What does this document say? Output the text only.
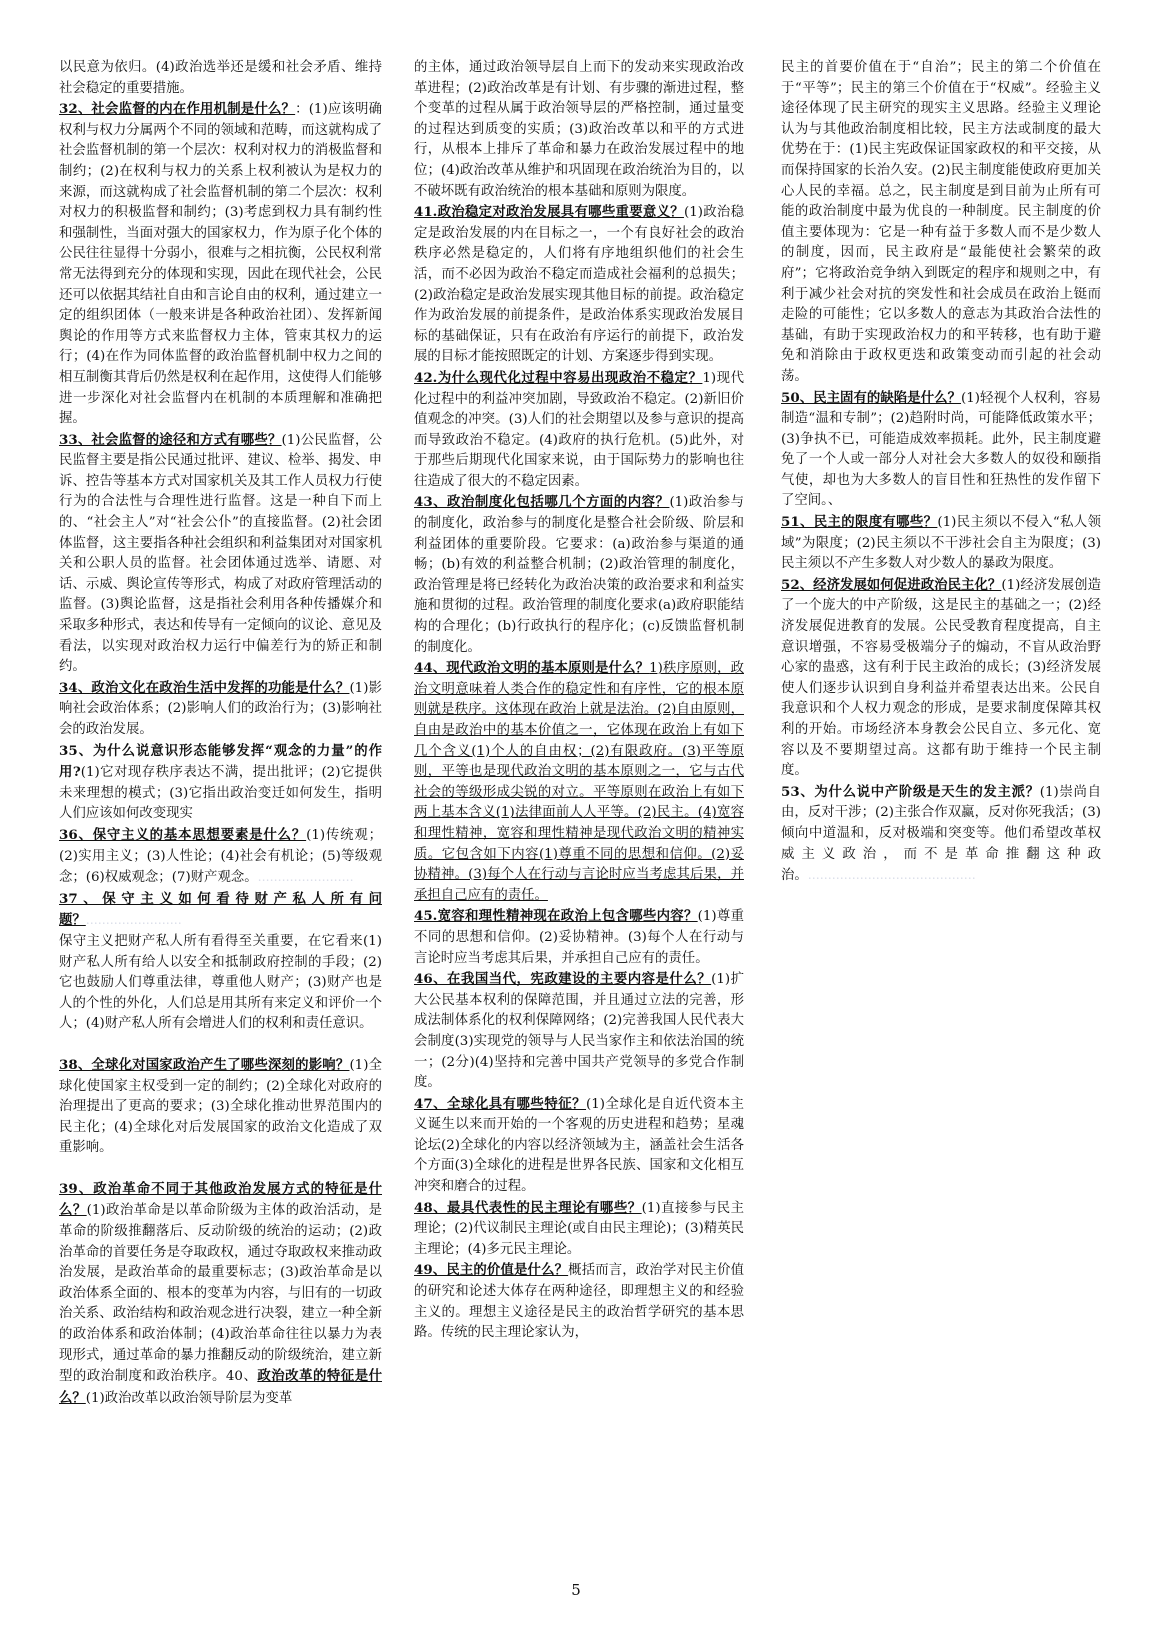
以民意为依归。(4)政治选举还是缓和社会矛盾、维持社会稳定的重要措施。

32、社会监督的内在作用机制是什么？：(1)应该明确权利与权力分属两个不同的领域和范畴，而这就构成了社会监督机制的第一个层次：权利对权力的消极监督和制约；(2)在权利与权力的关系上权利被认为是权力的来源，而这就构成了社会监督机制的第二个层次：权利对权力的积极监督和制约；(3)考虑到权力具有制约性和强制性，当面对强大的国家权力，作为原子化个体的公民往往显得十分弱小，很难与之相抗衡，公民权利常常无法得到充分的体现和实现，因此在现代社会，公民还可以依据其结社自由和言论自由的权利，通过建立一定的组织团体（一般来讲是各种政治社团）、发挥新闻舆论的作用等方式来监督权力主体，管束其权力的运行；(4)在作为同体监督的政治监督机制中权力之间的相互制衡其背后仍然是权利在起作用，这使得人们能够进一步深化对社会监督内在机制的本质理解和准确把握。

33、社会监督的途径和方式有哪些？(1)公民监督，公民监督主要是指公民通过批评、建议、检举、揭发、申诉、控告等基本方式对国家机关及其工作人员权力行使行为的合法性与合理性进行监督。这是一种自下而上的、“社会主人”对“社会公仆”的直接监督。(2)社会团体监督，这主要指各种社会组织和利益集团对对国家机关和公职人员的监督。社会团体通过选举、请愿、对话、示威、舆论宣传等形式，构成了对政府管理活动的监督。(3)舆论监督，这是指社会利用各种传播媒介和采取多种形式，表达和传导有一定倾向的议论、意见及看法，以实现对政治权力运行中偏差行为的矫正和制约。

34、政治文化在政治生活中发挥的功能是什么？(1)影响社会政治体系；(2)影响人们的政治行为；(3)影响社会的政治发展。

35、为什么说意识形态能够发挥“观念的力量”的作用?(1)它对现存秩序表达不满，提出批评；(2)它提供未来理想的模式；(3)它指出政治变迁如何发生，指明人们应该如何改变现实

36、保守主义的基本思想要素是什么？(1)传统观；(2)实用主义；(3)人性论；(4)社会有机论；(5)等级观念；(6)权威观念；(7)财产观念。……………………

37、保守主义如何看待财产私人所有问题？……………………
保守主义把财产私人所有看得至关重要，在它看来(1)财产私人所有给人以安全和抵制政府控制的手段；(2)它也鼓励人们尊重法律，尊重他人财产；(3)财产也是人的个性的外化，人们总是用其所有来定义和评价一个人；(4)财产私人所有会增进人们的权利和责任意识。

38、全球化对国家政治产生了哪些深刻的影响？(1)全球化使国家主权受到一定的制约；(2)全球化对政府的治理提出了更高的要求；(3)全球化推动世界范围内的民主化；(4)全球化对后发展国家的政治文化造成了双重影响。

39、政治革命不同于其他政治发展方式的特征是什么？(1)政治革命是以革命阶级为主体的政治活动，是革命的阶级推翻落后、反动阶级的统治的运动；(2)政治革命的首要任务是夺取政权，通过夺取政权来推动政治发展，是政治革命的最重要标志；(3)政治革命是以政治体系全面的、根本的变革为内容，与旧有的一切政治关系、政治结构和政治观念进行决裂，建立一种全新的政治体系和政治体制；(4)政治革命往往以暴力为表现形式，通过革命的暴力推翻反动的阶级统治，建立新型的政治制度和政治秩序。40、政治改革的特征是什么？(1)政治改革以政治领导阶层为变革

的主体，通过政治领导层自上而下的发动来实现政治改革进程；(2)政治改革是有计划、有步骤的渐进过程，整个变革的过程从属于政治领导层的严格控制，通过量变的过程达到质变的实质；(3)政治改革以和平的方式进行，从根本上排斥了革命和暴力在政治发展过程中的地位；(4)政治改革从维护和巩固现在政治统治为目的，以不破坏既有政治统治的根本基础和原则为限度。

41.政治稳定对政治发展具有哪些重要意义？(1)政治稳定是政治发展的内在目标之一，一个有良好社会的政治秩序必然是稳定的，人们将有序地组织他们的社会生活，而不必因为政治不稳定而造成社会福利的总损失；(2)政治稳定是政治发展实现其他目标的前提。政治稳定作为政治发展的前提条件，是政治体系实现政治发展目标的基础保证，只有在政治有序运行的前提下，政治发展的目标才能按照既定的计划、方案逐步得到实现。

42.为什么现代化过程中容易出现政治不稳定？1)现代化过程中的利益冲突加剧，导致政治不稳定。(2)新旧价值观念的冲突。(3)人们的社会期望以及参与意识的提高而导致政治不稳定。(4)政府的执行危机。(5)此外，对于那些后期现代化国家来说，由于国际势力的影响也往往造成了很大的不稳定因素。

43、政治制度化包括哪几个方面的内容？(1)政治参与的制度化，政治参与的制度化是整合社会阶级、阶层和利益团体的重要阶段。它要求：(a)政治参与渠道的通畅；(b)有效的利益整合机制；(2)政治管理的制度化，政治管理是将已经转化为政治决策的政治要求和利益实施和贯彻的过程。政治管理的制度化要求(a)政府职能结构的合理化；(b)行政执行的程序化；(c)反馈监督机制的制度化。

44、现代政治文明的基本原则是什么？1)秩序原则，政治文明意味着人类合作的稳定性和有序性，它的根本原则就是秩序。这体现在政治上就是法治。(2)自由原则，自由是政治中的基本价值之一，它体现在政治上有如下几个含义(1)个人的自由权；(2)有限政府。(3)平等原则，平等也是现代政治文明的基本原则之一，它与古代社会的等级形成尖锐的对立。平等原则在政治上有如下两上基本含义(1)法律面前人人平等。(2)民主。(4)宽容和理性精神，宽容和理性精神是现代政治文明的精神实质。它包含如下内容(1)尊重不同的思想和信仰。(2)妥协精神。(3)每个人在行动与言论时应当考虑其后果，并承担自己应有的责任。

45.宽容和理性精神现在政治上包含哪些内容？(1)尊重不同的思想和信仰。(2)妥协精神。(3)每个人在行动与言论时应当考虑其后果，并承担自己应有的责任。

46、在我国当代，宪政建设的主要内容是什么？(1)扩大公民基本权利的保障范围，并且通过立法的完善，形成法制体系化的权利保障网络；(2)完善我国人民代表大会制度(3)实现党的领导与人民当家作主和依法治国的统一；(2分)(4)坚持和完善中国共产党领导的多党合作制度。

47、全球化具有哪些特征？(1)全球化是自近代资本主义诞生以来而开始的一个客观的历史进程和趋势；星魂论坛(2)全球化的内容以经济领域为主，涵盖社会生活各个方面(3)全球化的进程是世界各民族、国家和文化相互冲突和磨合的过程。

48、最具代表性的民主理论有哪些？(1)直接参与民主理论；(2)代议制民主理论(或自由民主理论)；(3)精英民主理论；(4)多元民主理论。

49、民主的价值是什么？概括而言，政治学对民主价值的研究和论述大体存在两种途径，即理想主义的和经验主义的。理想主义途径是民主的政治哲学研究的基本思路。传统的民主理论家认为，

民主的首要价值在于“自治”；民主的第二个价值在于“平等”；民主的第三个价值在于“权威”。经验主义途径体现了民主研究的现实主义思路。经验主义理论认为与其他政治制度相比较，民主方法或制度的最大优势在于：(1)民主宪政保证国家政权的和平交接，从而保持国家的长治久安。(2)民主制度能使政府更加关心人民的幸福。总之，民主制度是到目前为止所有可能的政治制度中最为优良的一种制度。民主制度的价值主要体现为：它是一种有益于多数人而不是少数人的制度，因而，民主政府是“最能使社会繁荣的政府”；它将政治竞争纳入到既定的程序和规则之中，有利于减少社会对抗的突发性和社会成员在政治上铤而走险的可能性；它以多数人的意志为其政治合法性的基础，有助于实现政治权力的和平转移，也有助于避免和消除由于政权更迭和政策变动而引起的社会动荡。

50、民主固有的缺陷是什么？(1)轻视个人权利，容易制造“温和专制”；(2)趋附时尚，可能降低政策水平；(3)争执不已，可能造成效率损耗。此外，民主制度避免了一个人或一部分人对社会大多数人的奴役和颐指气使，却也为大多数人的盲目性和狂热性的发作留下了空间。、

51、民主的限度有哪些？(1)民主须以不侵入“私人领域”为限度；(2)民主须以不干涉社会自主为限度；(3)民主须以不产生多数人对少数人的暴政为限度。

52、经济发展如何促进政治民主化？(1)经济发展创造了一个庞大的中产阶级，这是民主的基础之一；(2)经济发展促进教育的发展。公民受教育程度提高，自主意识增强，不容易受极端分子的煽动，不盲从政治野心家的蛊惑，这有利于民主政治的成长；(3)经济发展使人们逐步认识到自身利益并希望表达出来。公民自我意识和个人权力观念的形成，是要求制度保障其权利的开始。市场经济本身教会公民自立、多元化、宽容以及不要期望过高。这都有助于维持一个民主制度。

53、为什么说中产阶级是天生的发主派？(1)崇尚自由，反对干涉；(2)主张合作双赢，反对你死我活；(3)倾向中道温和，反对极端和突变等。他们希望改革权威主义政治，而不是革命推翻这种政治。……………………………………

5
